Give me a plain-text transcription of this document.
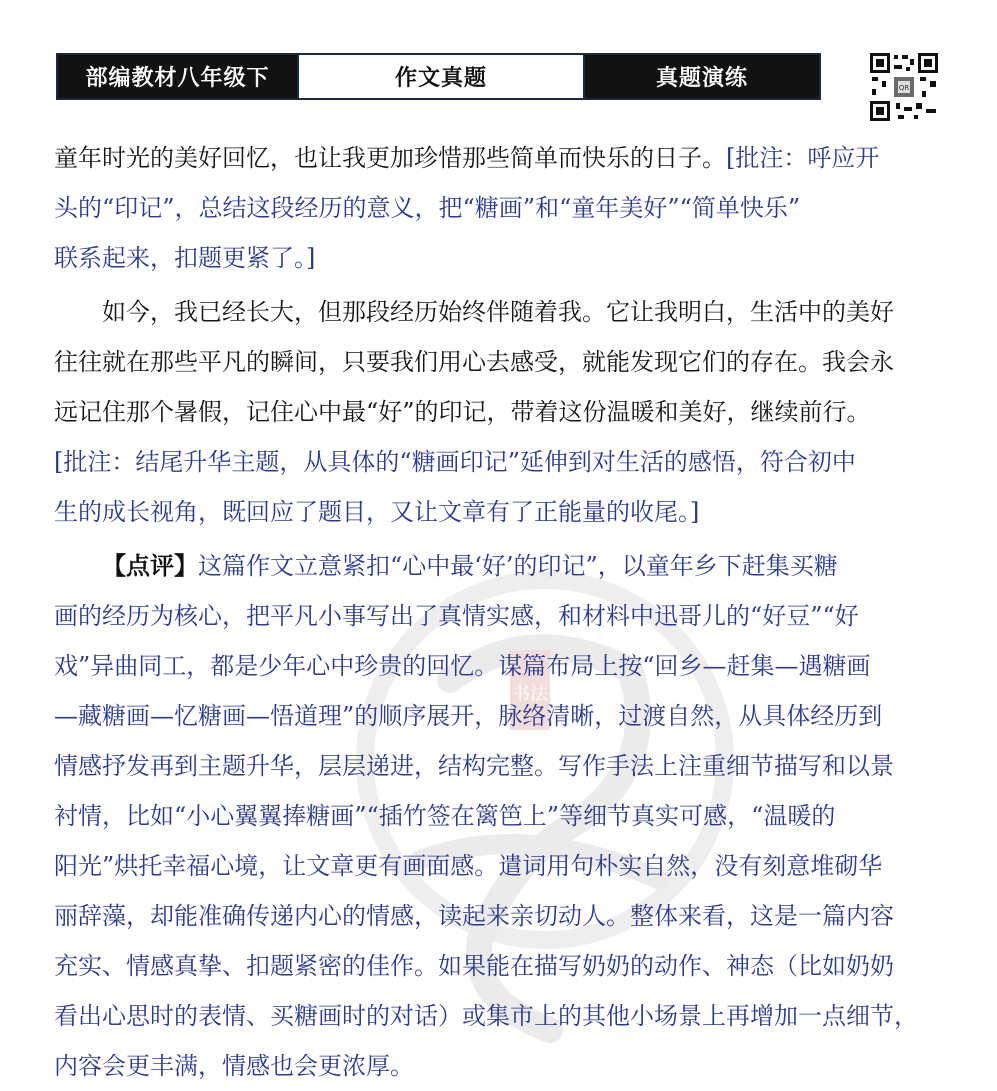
书法
部编教材八年级下	作文真题	真题演练	QR

童年时光的美好回忆，也让我更加珍惜那些简单而快乐的日子。[批注：呼应开
头的“印记”，总结这段经历的意义，把“糖画”和“童年美好”“简单快乐”
联系起来，扣题更紧了。]

如今，我已经长大，但那段经历始终伴随着我。它让我明白，生活中的美好
往往就在那些平凡的瞬间，只要我们用心去感受，就能发现它们的存在。我会永
远记住那个暑假，记住心中最“好”的印记，带着这份温暖和美好，继续前行。
[批注：结尾升华主题，从具体的“糖画印记”延伸到对生活的感悟，符合初中
生的成长视角，既回应了题目，又让文章有了正能量的收尾。]

【点评】这篇作文立意紧扣“心中最‘好’的印记”，以童年乡下赶集买糖
画的经历为核心，把平凡小事写出了真情实感，和材料中迅哥儿的“好豆”“好
戏”异曲同工，都是少年心中珍贵的回忆。谋篇布局上按“回乡—赶集—遇糖画
—藏糖画—忆糖画—悟道理”的顺序展开，脉络清晰，过渡自然，从具体经历到
情感抒发再到主题升华，层层递进，结构完整。写作手法上注重细节描写和以景
衬情，比如“小心翼翼捧糖画”“插竹签在篱笆上”等细节真实可感，“温暖的
阳光”烘托幸福心境，让文章更有画面感。遣词用句朴实自然，没有刻意堆砌华
丽辞藻，却能准确传递内心的情感，读起来亲切动人。整体来看，这是一篇内容
充实、情感真挚、扣题紧密的佳作。如果能在描写奶奶的动作、神态（比如奶奶
看出心思时的表情、买糖画时的对话）或集市上的其他小场景上再增加一点细节，
内容会更丰满，情感也会更浓厚。
